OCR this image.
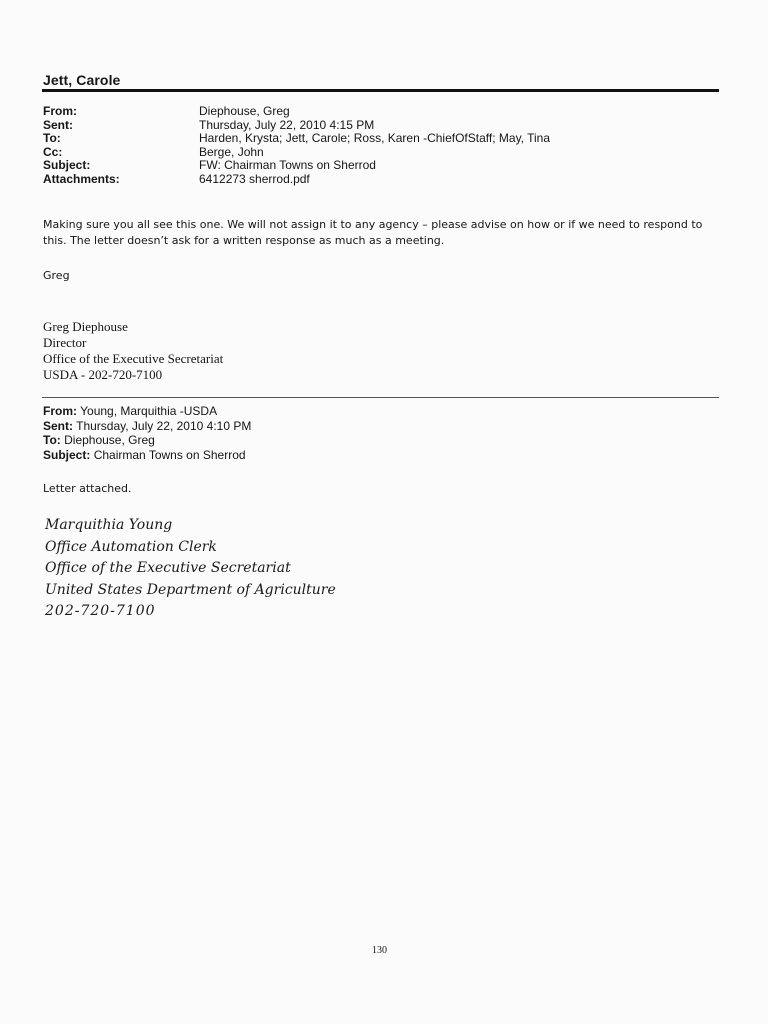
Jett, Carole
From:	Diephouse, Greg
Sent:	Thursday, July 22, 2010 4:15 PM
To:	Harden, Krysta; Jett, Carole; Ross, Karen -ChiefOfStaff; May, Tina
Cc:	Berge, John
Subject:	FW: Chairman Towns on Sherrod
Attachments:	6412273 sherrod.pdf
Making sure you all see this one. We will not assign it to any agency – please advise on how or if we need to respond to
this. The letter doesn’t ask for a written response as much as a meeting.
Greg
Greg Diephouse
Director
Office of the Executive Secretariat
USDA - 202-720-7100
From: Young, Marquithia -USDA
Sent: Thursday, July 22, 2010 4:10 PM
To: Diephouse, Greg
Subject: Chairman Towns on Sherrod
Letter attached.
Marquithia Young
Office Automation Clerk
Office of the Executive Secretariat
United States Department of Agriculture
202-720-7100
130
